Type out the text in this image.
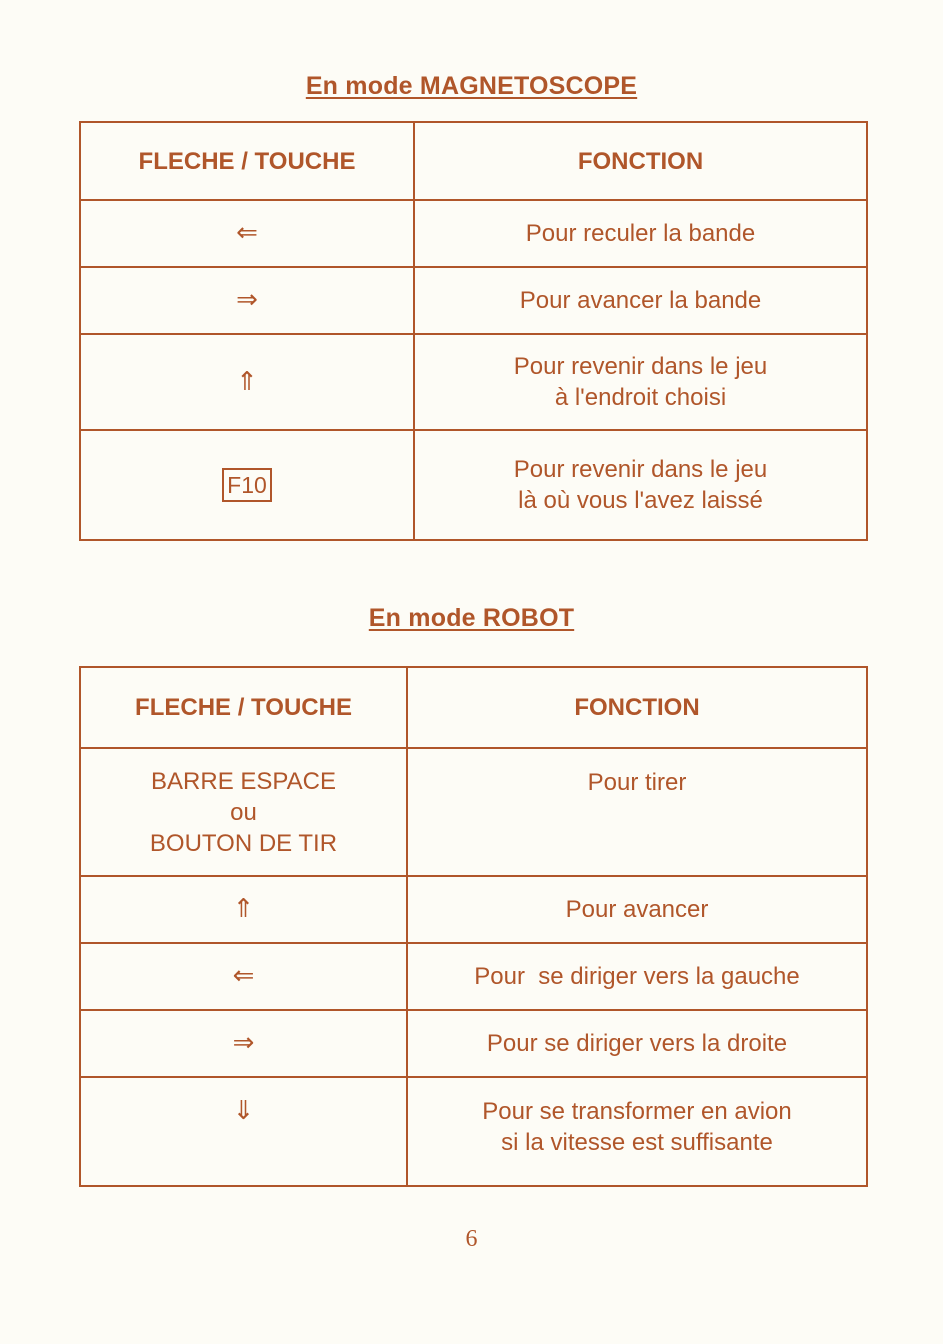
En mode MAGNETOSCOPE
FLECHE / TOUCHE	FONCTION
⇐	Pour reculer la bande

⇒	Pour avancer la bande

⇑	Pour revenir dans le jeu
à l'endroit choisi

F10	Pour revenir dans le jeu
là où vous l'avez laissé
En mode ROBOT
FLECHE / TOUCHE	FONCTION

BARRE ESPACE
ou
BOUTON DE TIR	Pour tirer

⇑	Pour avancer

⇐	Pour  se diriger vers la gauche

⇒	Pour se diriger vers la droite

⇓	Pour se transformer en avion
si la vitesse est suffisante
6
